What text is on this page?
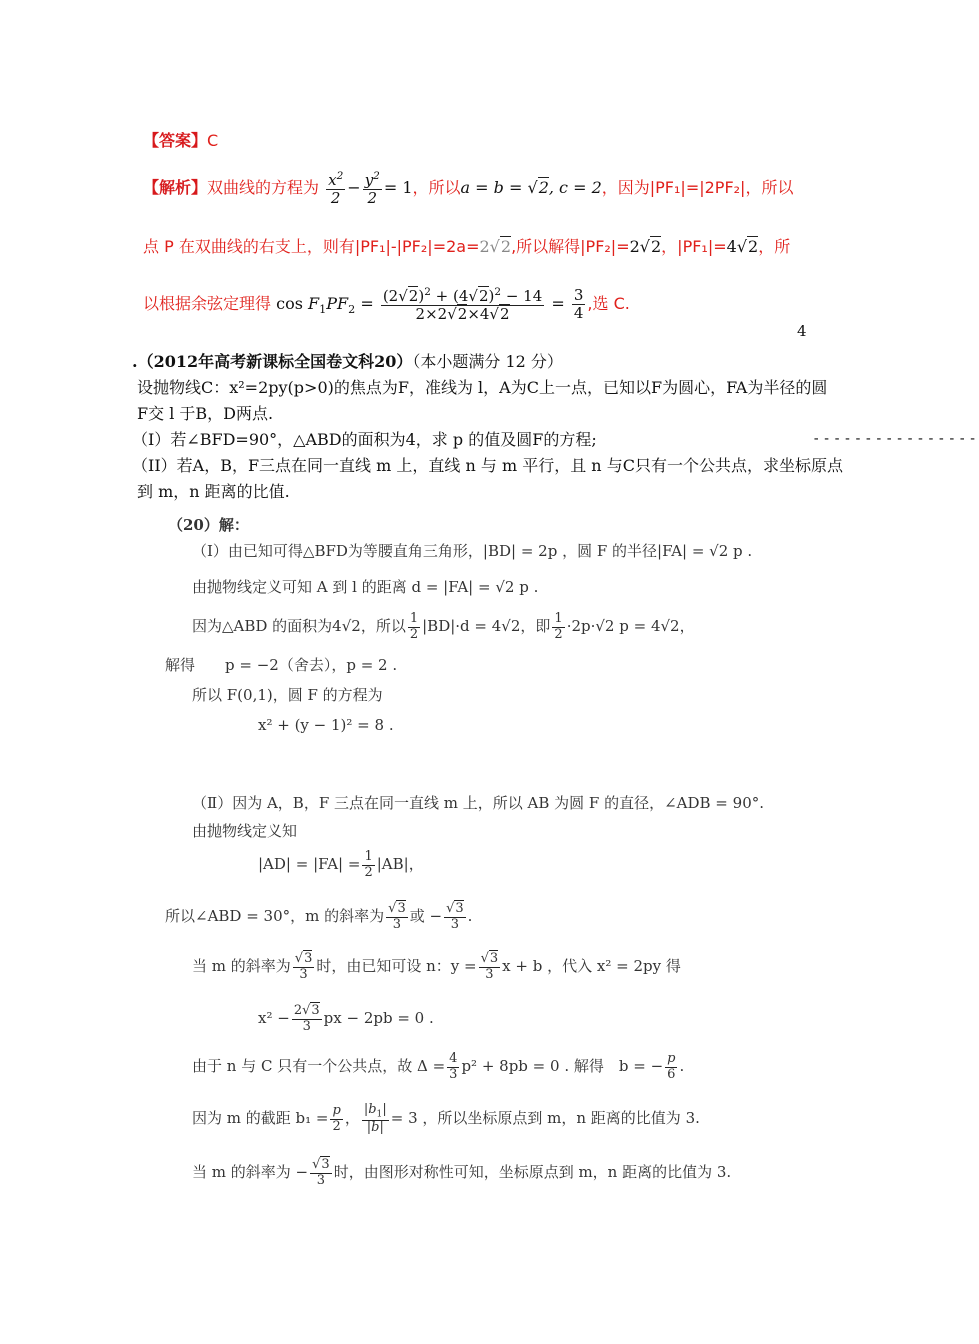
【答案】C
【解析】双曲线的方程为 $\frac{x^2}{2} - \frac{y^2}{2} = 1$，所以a = b = √2, c = 2，因为|PF₁|=|2PF₂|，所以
点 P 在双曲线的右支上，则有|PF₁|-|PF₂|=2a=2√2,所以解得|PF₂|=2√2，|PF₁|=4√2，所
以根据余弦定理得 $\cos F_1PF_2 = \frac{(2√2)^2 + (4√2)^2 - 14}{2\times 2√2\times 4√2} = \frac{3}{4}$ ,选 C.
4
.（2012年高考新课标全国卷文科20）（本小题满分 12 分）
设抛物线C：x²=2py(p>0)的焦点为F，准线为 l，A为C上一点，已知以F为圆心，FA为半径的圆
F交 l 于B，D两点.
（I）若∠BFD=90°，△ABD的面积为4，求 p 的值及圆F的方程;	----------------
（II）若A，B，F三点在同一直线 m 上，直线 n 与 m 平行，且 n 与C只有一个公共点，求坐标原点
到 m，n 距离的比值.
（20）解：
（Ⅰ）由已知可得△BFD为等腰直角三角形，|BD| = 2p ，圆 F 的半径|FA| = √2 p .
由抛物线定义可知 A 到 l 的距离 d = |FA| = √2 p .
因为△ABD 的面积为4√2，所以 $\frac{1}{2} |BD|\cdot d = 4√2$，即 $\frac{1}{2} \cdot 2p\cdot√2$ p = 4√2，
解得　　p = −2（舍去），p = 2 .
所以 F(0,1)，圆 F 的方程为
x² + (y − 1)² = 8 .
（Ⅱ）因为 A，B，F 三点在同一直线 m 上，所以 AB 为圆 F 的直径，∠ADB = 90°.
由抛物线定义知
$|AD| = |FA| = \frac{1}{2} |AB|$，
所以∠ABD = 30°，m 的斜率为 $\frac{√3}{3}$ 或 − $\frac{√3}{3}$ .
当 m 的斜率为 $\frac{√3}{3}$ 时，由已知可设 n：$y = \frac{√3}{3}$ x + b ，代入 x² = 2py 得
$x^2 - \frac{2√3}{3}$ px − 2pb = 0 .
由于 n 与 C 只有一个公共点，故 $\Delta = \frac{4}{3} p^2 + 8pb = 0$ . 解得　b = − $\frac{p}{6}$ .
因为 m 的截距 $b_1 = \frac{p}{2}$ ， $\frac{|b_1|}{|b|} = 3$ ，所以坐标原点到 m，n 距离的比值为 3.
当 m 的斜率为 − $\frac{√3}{3}$ 时，由图形对称性可知，坐标原点到 m，n 距离的比值为 3.
